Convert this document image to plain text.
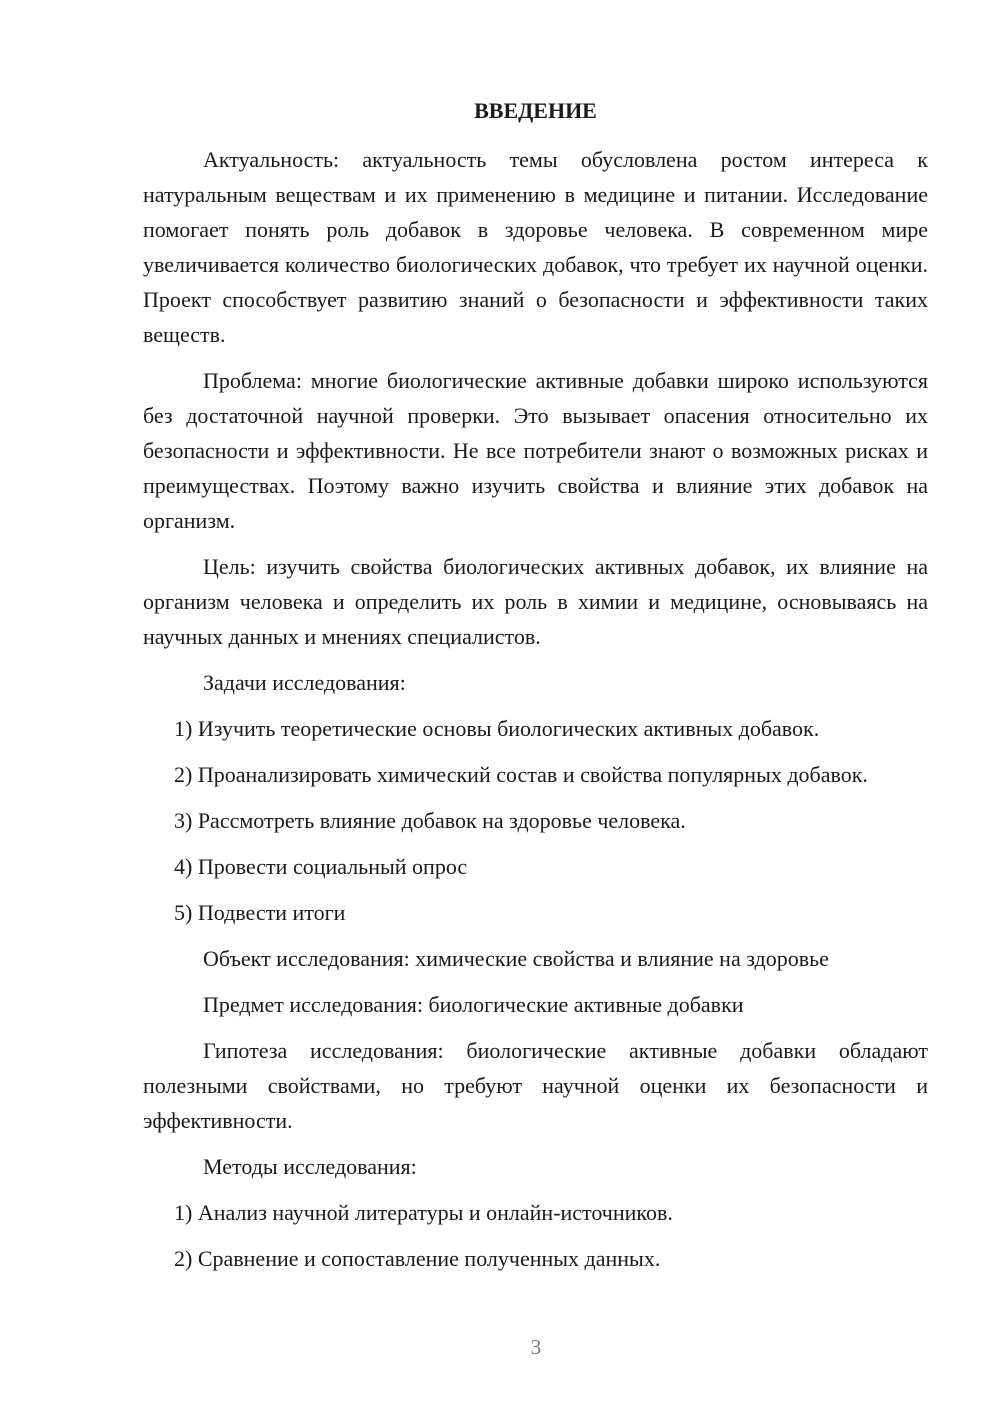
ВВЕДЕНИЕ

Актуальность: актуальность темы обусловлена ростом интереса к натуральным веществам и их применению в медицине и питании. Исследование помогает понять роль добавок в здоровье человека. В современном мире увеличивается количество биологических добавок, что требует их научной оценки. Проект способствует развитию знаний о безопасности и эффективности таких веществ.

Проблема: многие биологические активные добавки широко используются без достаточной научной проверки. Это вызывает опасения относительно их безопасности и эффективности. Не все потребители знают о возможных рисках и преимуществах. Поэтому важно изучить свойства и влияние этих добавок на организм.

Цель: изучить свойства биологических активных добавок, их влияние на организм человека и определить их роль в химии и медицине, основываясь на научных данных и мнениях специалистов.

Задачи исследования:

1) Изучить теоретические основы биологических активных добавок.

2) Проанализировать химический состав и свойства популярных добавок.

3) Рассмотреть влияние добавок на здоровье человека.

4) Провести социальный опрос

5) Подвести итоги

Объект исследования: химические свойства и влияние на здоровье

Предмет исследования: биологические активные добавки

Гипотеза исследования: биологические активные добавки обладают полезными свойствами, но требуют научной оценки их безопасности и эффективности.

Методы исследования:

1) Анализ научной литературы и онлайн-источников.

2) Сравнение и сопоставление полученных данных.

3
